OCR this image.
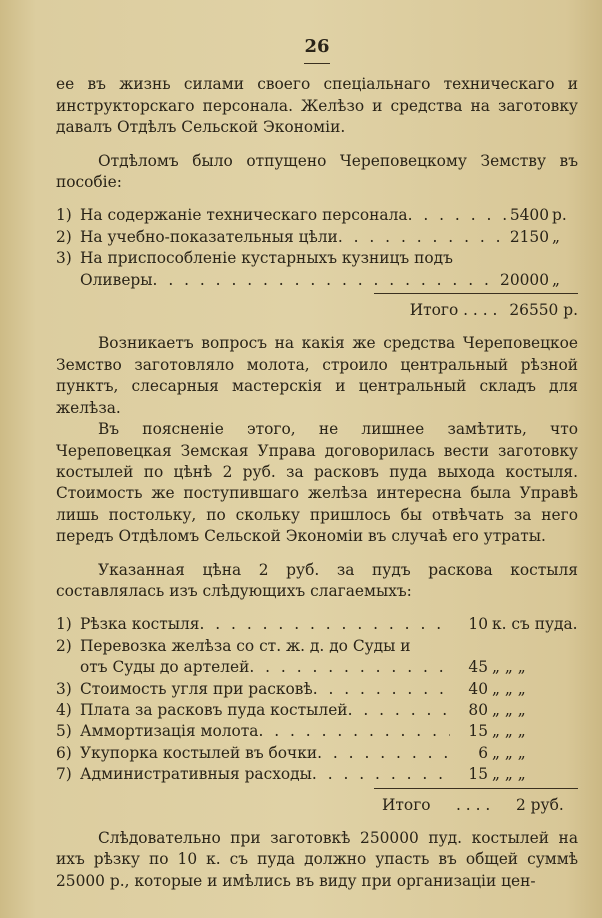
26

ее въ жизнь силами своего спеціальнаго техническаго и инструкторскаго персонала. Желѣзо и средства на заготовку давалъ Отдѣлъ Сельской Экономіи.

Отдѣломъ было отпущено Череповецкому Земству въ пособіе:

1) На содержаніе техническаго персонала . . .	5400 р.
2) На учебно-показательныя цѣли . . .	2150 „
3) На приспособленіе кустарныхъ кузницъ подъ
Оливеры . . .	20000 „
Итого . . . . 26550 р.

Возникаетъ вопросъ на какія же средства Череповецкое Земство заготовляло молота, строило центральный рѣзной пунктъ, слесарныя мастерскія и центральный складъ для желѣза.

Въ поясненіе этого, не лишнее замѣтить, что Череповецкая Земская Управа договорилась вести заготовку костылей по цѣнѣ 2 руб. за расковъ пуда выхода костыля. Стоимость же поступившаго желѣза интересна была Управѣ лишь постольку, по скольку пришлось бы отвѣчать за него передъ Отдѣломъ Сельской Экономіи въ случаѣ его утраты.

Указанная цѣна 2 руб. за пудъ раскова костыля составлялась изъ слѣдующихъ слагаемыхъ:

1) Рѣзка костыля . . .	10 к. съ пуда.
2) Перевозка желѣза со ст. ж. д. до Суды и
отъ Суды до артелей . . .	45 „ „ „
3) Стоимость угля при расковѣ . . .	40 „ „ „
4) Плата за расковъ пуда костылей . . .	80 „ „ „
5) Аммортизація молота . . .	15 „ „ „
6) Укупорка костылей въ бочки . . .	6 „ „ „
7) Административныя расходы . . .	15 „ „ „
Итого	. . . .	2 руб.

Слѣдовательно при заготовкѣ 250000 пуд. костылей на ихъ рѣзку по 10 к. съ пуда должно упасть въ общей суммѣ 25000 р., которые и имѣлись въ виду при организаціи цен-
